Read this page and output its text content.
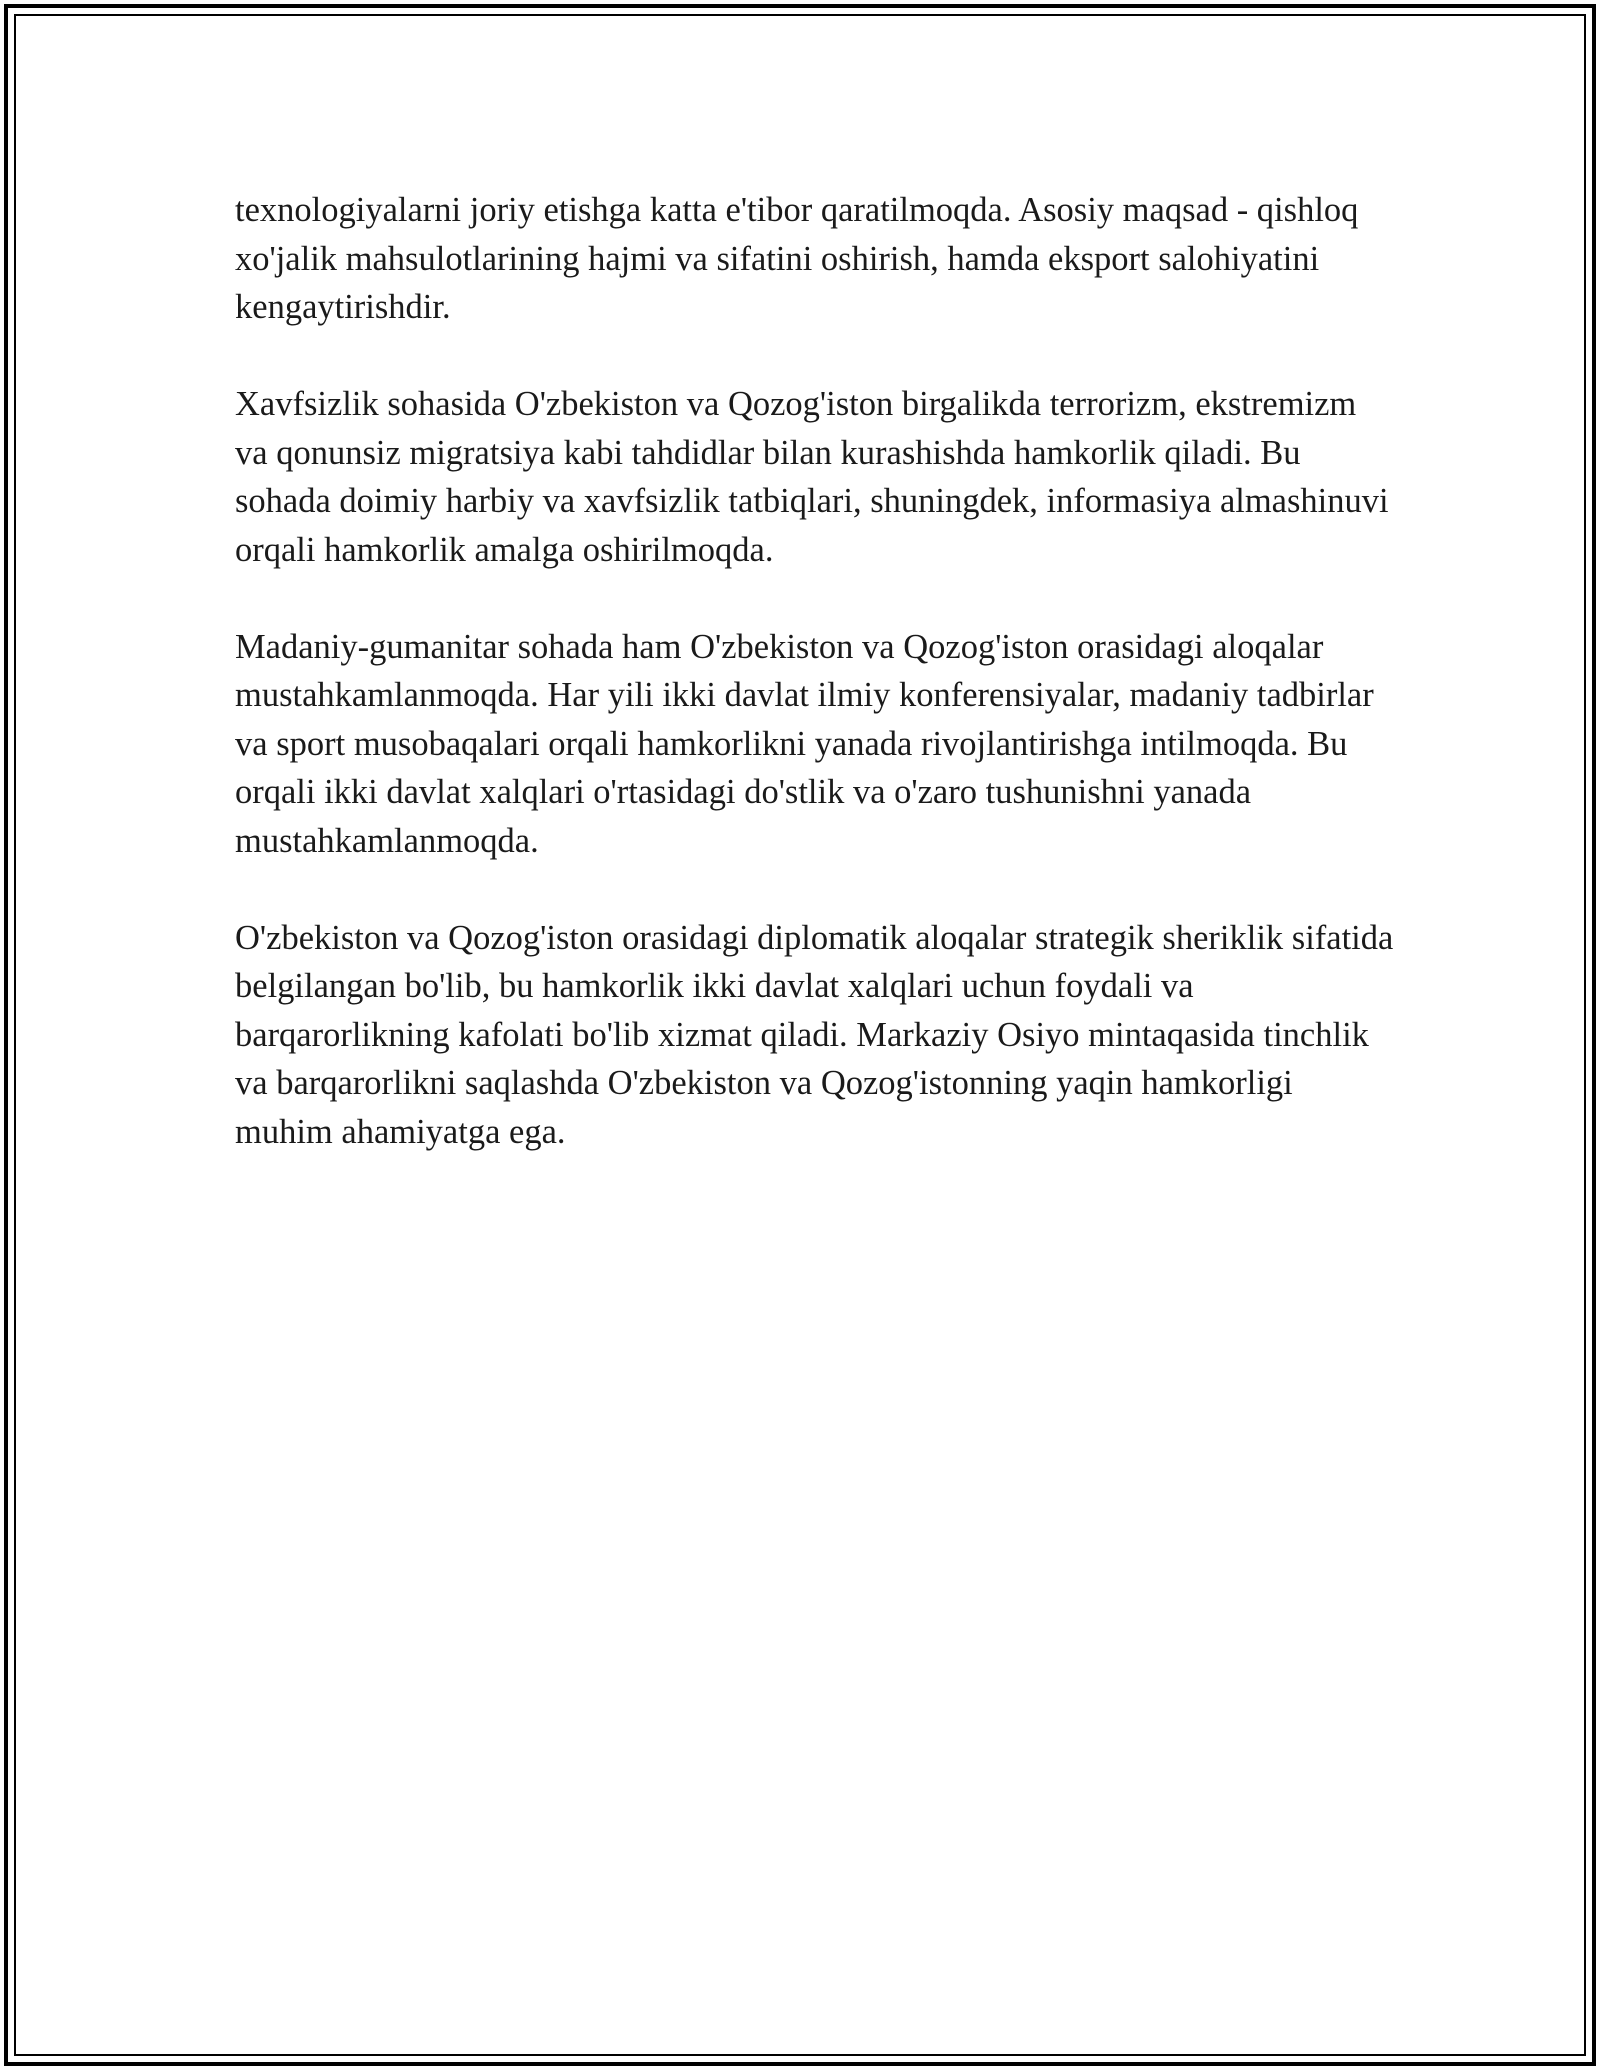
texnologiyalarni joriy etishga katta e'tibor qaratilmoqda. Asosiy maqsad - qishloq xo'jalik mahsulotlarining hajmi va sifatini oshirish, hamda eksport salohiyatini kengaytirishdir.

Xavfsizlik sohasida O'zbekiston va Qozog'iston birgalikda terrorizm, ekstremizm va qonunsiz migratsiya kabi tahdidlar bilan kurashishda hamkorlik qiladi. Bu sohada doimiy harbiy va xavfsizlik tatbiqlari, shuningdek, informasiya almashinuvi orqali hamkorlik amalga oshirilmoqda.

Madaniy-gumanitar sohada ham O'zbekiston va Qozog'iston orasidagi aloqalar mustahkamlanmoqda. Har yili ikki davlat ilmiy konferensiyalar, madaniy tadbirlar va sport musobaqalari orqali hamkorlikni yanada rivojlantirishga intilmoqda. Bu orqali ikki davlat xalqlari o'rtasidagi do'stlik va o'zaro tushunishni yanada mustahkamlanmoqda.

O'zbekiston va Qozog'iston orasidagi diplomatik aloqalar strategik sheriklik sifatida belgilangan bo'lib, bu hamkorlik ikki davlat xalqlari uchun foydali va barqarorlikning kafolati bo'lib xizmat qiladi. Markaziy Osiyo mintaqasida tinchlik va barqarorlikni saqlashda O'zbekiston va Qozog'istonning yaqin hamkorligi muhim ahamiyatga ega.
